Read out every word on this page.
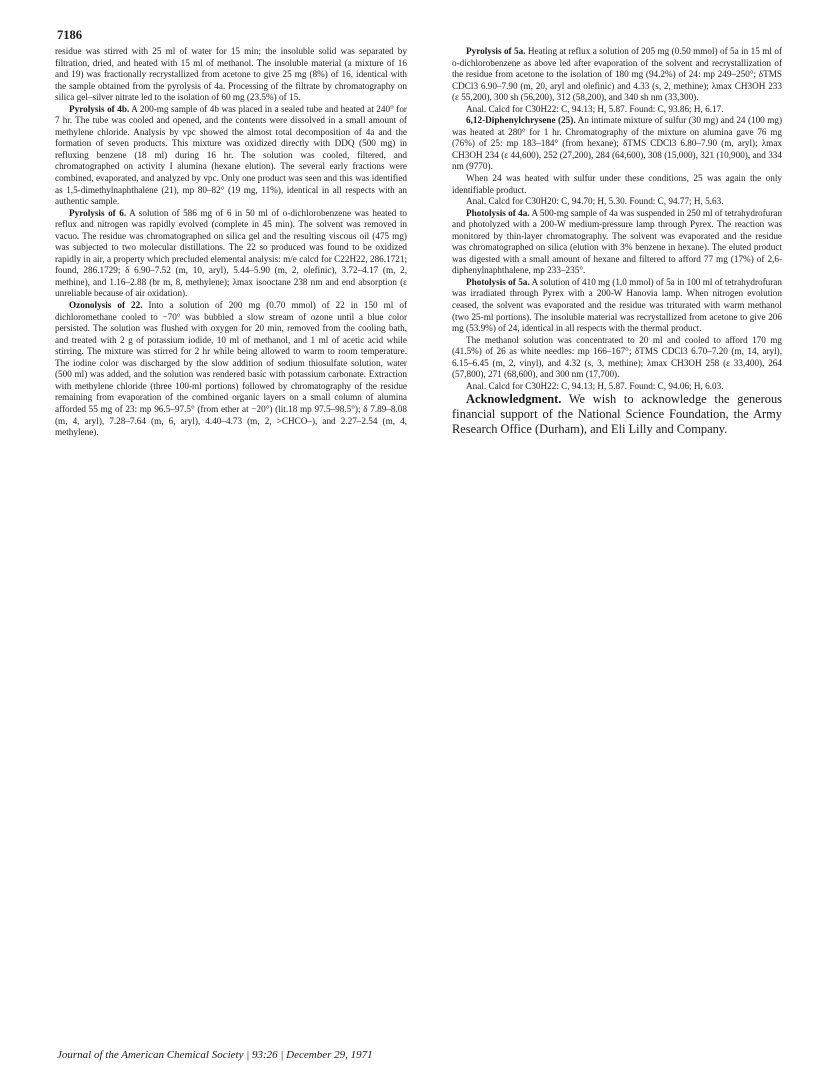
7186

residue was stirred with 25 ml of water for 15 min; the insoluble solid was separated by filtration, dried, and heated with 15 ml of methanol. The insoluble material (a mixture of 16 and 19) was fractionally recrystallized from acetone to give 25 mg (8%) of 16, identical with the sample obtained from the pyrolysis of 4a. Processing of the filtrate by chromatography on silica gel–silver nitrate led to the isolation of 60 mg (23.5%) of 15.

Pyrolysis of 4b. A 200-mg sample of 4b was placed in a sealed tube and heated at 240° for 7 hr. The tube was cooled and opened, and the contents were dissolved in a small amount of methylene chloride. Analysis by vpc showed the almost total decomposition of 4a and the formation of seven products. This mixture was oxidized directly with DDQ (500 mg) in refluxing benzene (18 ml) during 16 hr. The solution was cooled, filtered, and chromatographed on activity I alumina (hexane elution). The several early fractions were combined, evaporated, and analyzed by vpc. Only one product was seen and this was identified as 1,5-dimethylnaphthalene (21), mp 80–82° (19 mg, 11%), identical in all respects with an authentic sample.

Pyrolysis of 6. A solution of 586 mg of 6 in 50 ml of o-dichlorobenzene was heated to reflux and nitrogen was rapidly evolved (complete in 45 min). The solvent was removed in vacuo. The residue was chromatographed on silica gel and the resulting viscous oil (475 mg) was subjected to two molecular distillations. The 22 so produced was found to be oxidized rapidly in air, a property which precluded elemental analysis: m/e calcd for C22H22, 286.1721; found, 286.1729; δ 6.90–7.52 (m, 10, aryl), 5.44–5.90 (m, 2, olefinic), 3.72–4.17 (m, 2, methine), and 1.16–2.88 (br m, 8, methylene); λmax isooctane 238 nm and end absorption (ε unreliable because of air oxidation).

Ozonolysis of 22. Into a solution of 200 mg (0.70 mmol) of 22 in 150 ml of dichloromethane cooled to −70° was bubbled a slow stream of ozone until a blue color persisted. The solution was flushed with oxygen for 20 min, removed from the cooling bath, and treated with 2 g of potassium iodide, 10 ml of methanol, and 1 ml of acetic acid while stirring. The mixture was stirred for 2 hr while being allowed to warm to room temperature. The iodine color was discharged by the slow addition of sodium thiosulfate solution, water (500 ml) was added, and the solution was rendered basic with potassium carbonate. Extraction with methylene chloride (three 100-ml portions) followed by chromatography of the residue remaining from evaporation of the combined organic layers on a small column of alumina afforded 55 mg of 23: mp 96.5–97.5° (from ether at −20°) (lit.18 mp 97.5–98.5°); δ 7.89–8.08 (m, 4, aryl), 7.28–7.64 (m, 6, aryl), 4.40–4.73 (m, 2, >CHCO–), and 2.27–2.54 (m, 4, methylene).

Pyrolysis of 5a. Heating at reflux a solution of 205 mg (0.50 mmol) of 5a in 15 ml of o-dichlorobenzene as above led after evaporation of the solvent and recrystallization of the residue from acetone to the isolation of 180 mg (94.2%) of 24: mp 249–250°; δTMS CDCl3 6.90–7.90 (m, 20, aryl and olefinic) and 4.33 (s, 2, methine); λmax CH3OH 233 (ε 55,200), 300 sh (56,200), 312 (58,200), and 340 sh nm (33,300).

Anal. Calcd for C30H22: C, 94.13; H, 5.87. Found: C, 93.86; H, 6.17.

6,12-Diphenylchrysene (25). An intimate mixture of sulfur (30 mg) and 24 (100 mg) was heated at 280° for 1 hr. Chromatography of the mixture on alumina gave 76 mg (76%) of 25: mp 183–184° (from hexane); δTMS CDCl3 6.80–7.90 (m, aryl); λmax CH3OH 234 (ε 44,600), 252 (27,200), 284 (64,600), 308 (15,000), 321 (10,900), and 334 nm (9770).

When 24 was heated with sulfur under these conditions, 25 was again the only identifiable product.

Anal. Calcd for C30H20: C, 94.70; H, 5.30. Found: C, 94.77; H, 5.63.

Photolysis of 4a. A 500-mg sample of 4a was suspended in 250 ml of tetrahydrofuran and photolyzed with a 200-W medium-pressure lamp through Pyrex. The reaction was monitored by thin-layer chromatography. The solvent was evaporated and the residue was chromatographed on silica (elution with 3% benzene in hexane). The eluted product was digested with a small amount of hexane and filtered to afford 77 mg (17%) of 2,6-diphenylnaphthalene, mp 233–235°.

Photolysis of 5a. A solution of 410 mg (1.0 mmol) of 5a in 100 ml of tetrahydrofuran was irradiated through Pyrex with a 200-W Hanovia lamp. When nitrogen evolution ceased, the solvent was evaporated and the residue was triturated with warm methanol (two 25-ml portions). The insoluble material was recrystallized from acetone to give 206 mg (53.9%) of 24, identical in all respects with the thermal product.

The methanol solution was concentrated to 20 ml and cooled to afford 170 mg (41.5%) of 26 as white needles: mp 166–167°; δTMS CDCl3 6.70–7.20 (m, 14, aryl), 6.15–6.45 (m, 2, vinyl), and 4.32 (s, 3, methine); λmax CH3OH 258 (ε 33,400), 264 (57,800), 271 (68,600), and 300 nm (17,700).

Anal. Calcd for C30H22: C, 94.13; H, 5.87. Found: C, 94.06; H, 6.03.

Acknowledgment. We wish to acknowledge the generous financial support of the National Science Foundation, the Army Research Office (Durham), and Eli Lilly and Company.

Journal of the American Chemical Society | 93:26 | December 29, 1971
